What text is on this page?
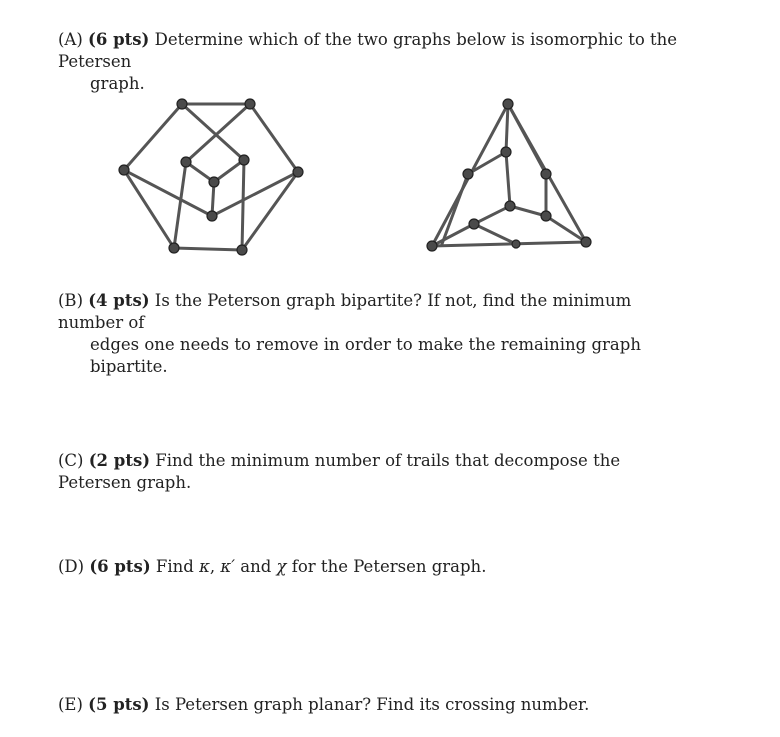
(A) (6 pts) Determine which of the two graphs below is isomorphic to the Petersen
graph.
(B) (4 pts) Is the Peterson graph bipartite? If not, find the minimum number of
edges one needs to remove in order to make the remaining graph bipartite.
(C) (2 pts) Find the minimum number of trails that decompose the Petersen graph.
(D) (6 pts) Find κ, κ′ and χ for the Petersen graph.
(E) (5 pts) Is Petersen graph planar? Find its crossing number.
